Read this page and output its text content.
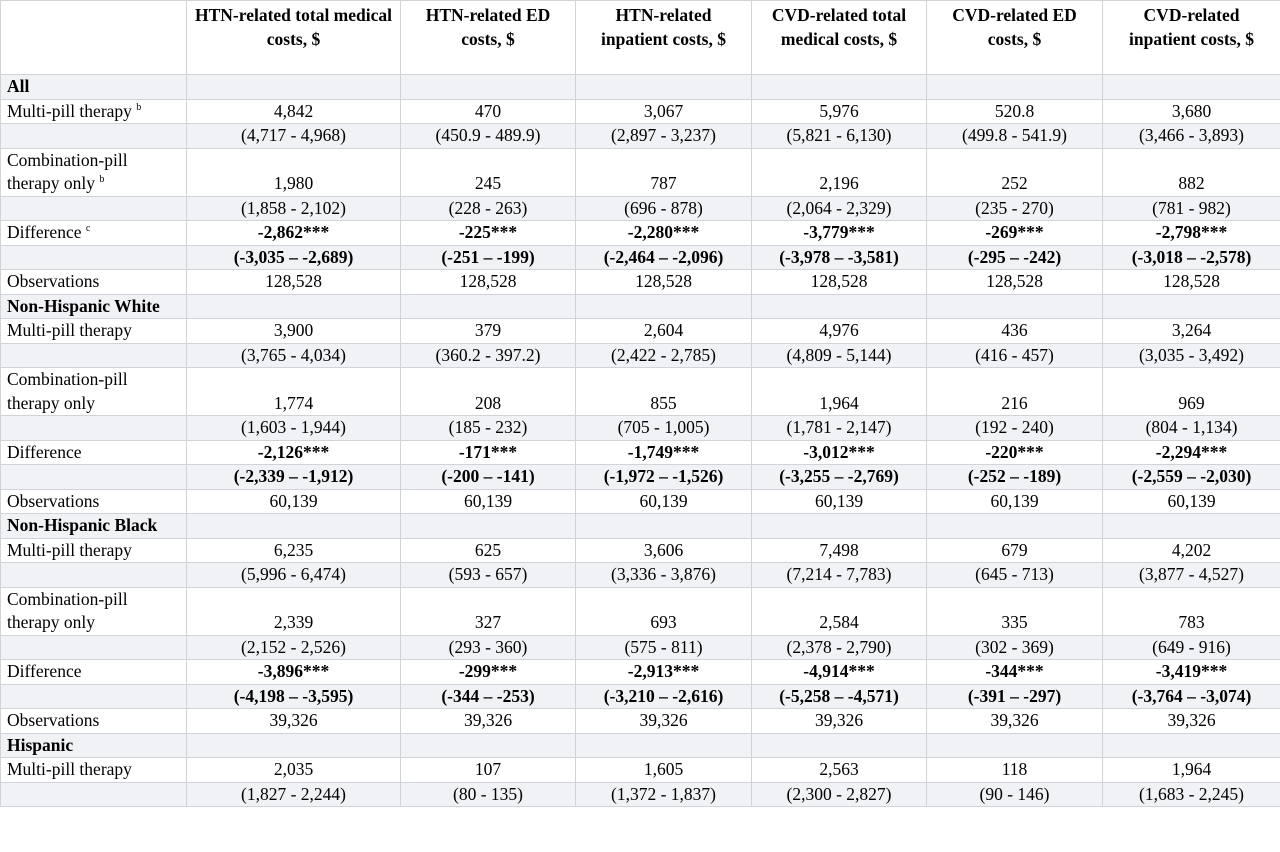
	HTN-related total medical costs, $	HTN-related ED costs, $	HTN-related inpatient costs, $	CVD-related total medical costs, $	CVD-related ED costs, $	CVD-related inpatient costs, $
All						
Multi-pill therapy $^b$	4,842	470	3,067	5,976	520.8	3,680
	(4,717 - 4,968)	(450.9 - 489.9)	(2,897 - 3,237)	(5,821 - 6,130)	(499.8 - 541.9)	(3,466 - 3,893)
Combination-pill therapy only $^b$	1,980	245	787	2,196	252	882
	(1,858 - 2,102)	(228 - 263)	(696 - 878)	(2,064 - 2,329)	(235 - 270)	(781 - 982)
Difference $^c$	-2,862***	-225***	-2,280***	-3,779***	-269***	-2,798***
	(-3,035 – -2,689)	(-251 – -199)	(-2,464 – -2,096)	(-3,978 – -3,581)	(-295 – -242)	(-3,018 – -2,578)
Observations	128,528	128,528	128,528	128,528	128,528	128,528
Non-Hispanic White						
Multi-pill therapy	3,900	379	2,604	4,976	436	3,264
	(3,765 - 4,034)	(360.2 - 397.2)	(2,422 - 2,785)	(4,809 - 5,144)	(416 - 457)	(3,035 - 3,492)
Combination-pill therapy only	1,774	208	855	1,964	216	969
	(1,603 - 1,944)	(185 - 232)	(705 - 1,005)	(1,781 - 2,147)	(192 - 240)	(804 - 1,134)
Difference	-2,126***	-171***	-1,749***	-3,012***	-220***	-2,294***
	(-2,339 – -1,912)	(-200 – -141)	(-1,972 – -1,526)	(-3,255 – -2,769)	(-252 – -189)	(-2,559 – -2,030)
Observations	60,139	60,139	60,139	60,139	60,139	60,139
Non-Hispanic Black						
Multi-pill therapy	6,235	625	3,606	7,498	679	4,202
	(5,996 - 6,474)	(593 - 657)	(3,336 - 3,876)	(7,214 - 7,783)	(645 - 713)	(3,877 - 4,527)
Combination-pill therapy only	2,339	327	693	2,584	335	783
	(2,152 - 2,526)	(293 - 360)	(575 - 811)	(2,378 - 2,790)	(302 - 369)	(649 - 916)
Difference	-3,896***	-299***	-2,913***	-4,914***	-344***	-3,419***
	(-4,198 – -3,595)	(-344 – -253)	(-3,210 – -2,616)	(-5,258 – -4,571)	(-391 – -297)	(-3,764 – -3,074)
Observations	39,326	39,326	39,326	39,326	39,326	39,326
Hispanic						
Multi-pill therapy	2,035	107	1,605	2,563	118	1,964
	(1,827 - 2,244)	(80 - 135)	(1,372 - 1,837)	(2,300 - 2,827)	(90 - 146)	(1,683 - 2,245)
